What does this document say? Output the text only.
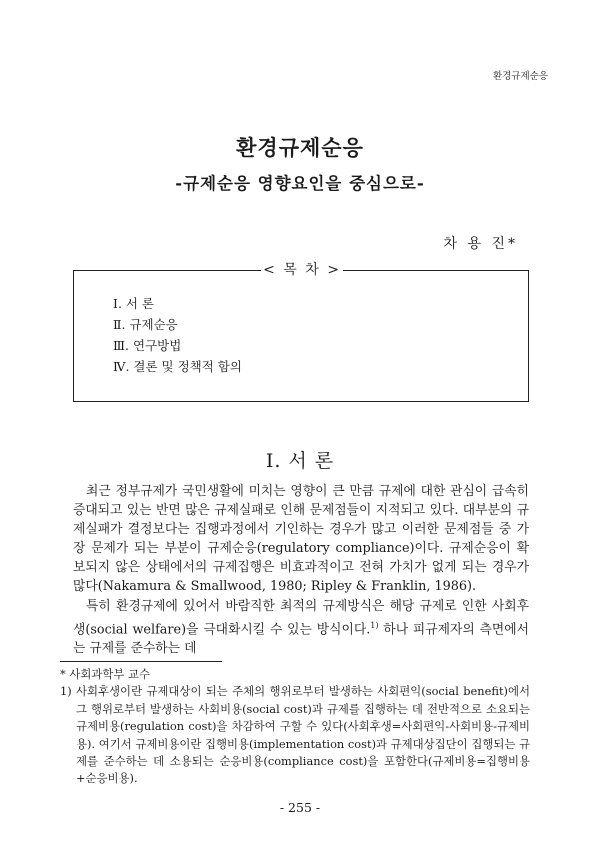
환경규제순응
환경규제순응
-규제순응 영향요인을 중심으로-
차 용 진*
< 목 차 >
Ⅰ. 서 론
Ⅱ. 규제순응
Ⅲ. 연구방법
Ⅳ. 결론 및 정책적 함의
Ⅰ. 서 론

최근 정부규제가 국민생활에 미치는 영향이 큰 만큼 규제에 대한 관심이 급속히 증대되고 있는 반면 많은 규제실패로 인해 문제점들이 지적되고 있다. 대부분의 규제실패가 결정보다는 집행과정에서 기인하는 경우가 많고 이러한 문제점들 중 가장 문제가 되는 부분이 규제순응(regulatory compliance)이다. 규제순응이 확보되지 않은 상태에서의 규제집행은 비효과적이고 전혀 가치가 없게 되는 경우가 많다(Nakamura & Smallwood, 1980; Ripley & Franklin, 1986).

특히 환경규제에 있어서 바람직한 최적의 규제방식은 해당 규제로 인한 사회후생(social welfare)을 극대화시킬 수 있는 방식이다.$^{1)}$ 하나 피규제자의 측면에서는 규제를 준수하는 데

* 사회과학부 교수

1) 사회후생이란 규제대상이 되는 주체의 행위로부터 발생하는 사회편익(social benefit)에서 그 행위로부터 발생하는 사회비용(social cost)과 규제를 집행하는 데 전반적으로 소요되는 규제비용(regulation cost)을 차감하여 구할 수 있다(사회후생=사회편익-사회비용-규제비용). 여기서 규제비용이란 집행비용(implementation cost)과 규제대상집단이 집행되는 규제를 준수하는 데 소용되는 순응비용(compliance cost)을 포함한다(규제비용=집행비용+순응비용).

- 255 -
